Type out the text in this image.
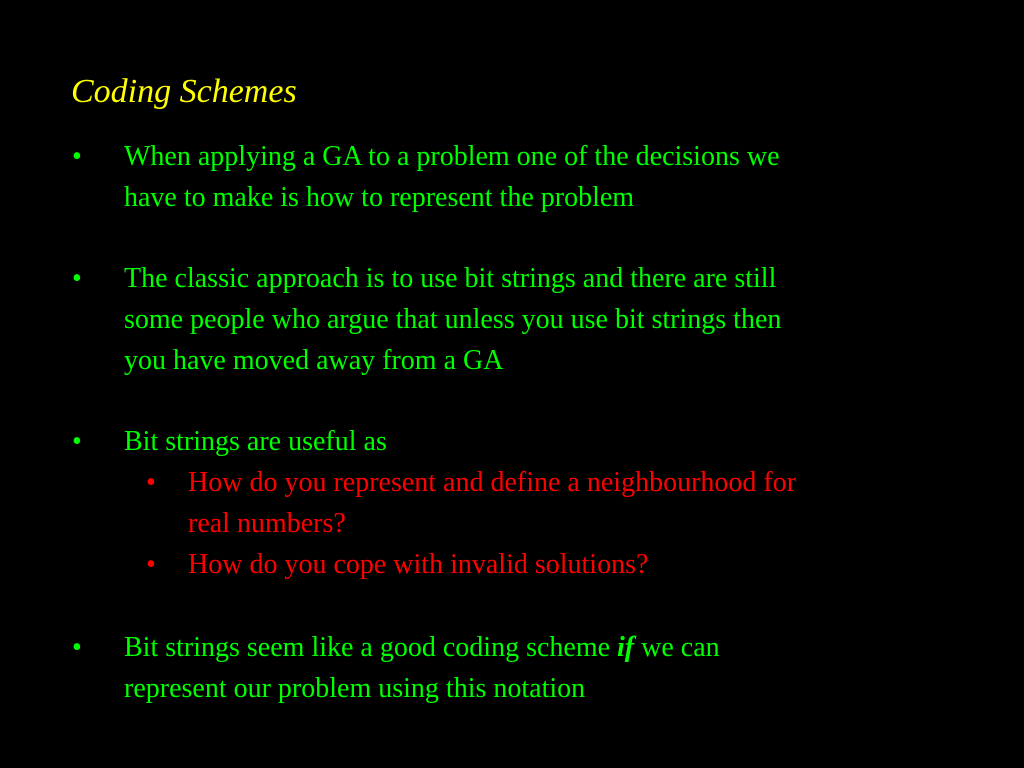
Coding Schemes
• When applying a GA to a problem one of the decisions we
have to make is how to represent the problem
• The classic approach is to use bit strings and there are still
some people who argue that unless you use bit strings then
you have moved away from a GA
• Bit strings are useful as
• How do you represent and define a neighbourhood for
real numbers?
• How do you cope with invalid solutions?
• Bit strings seem like a good coding scheme if we can
represent our problem using this notation
